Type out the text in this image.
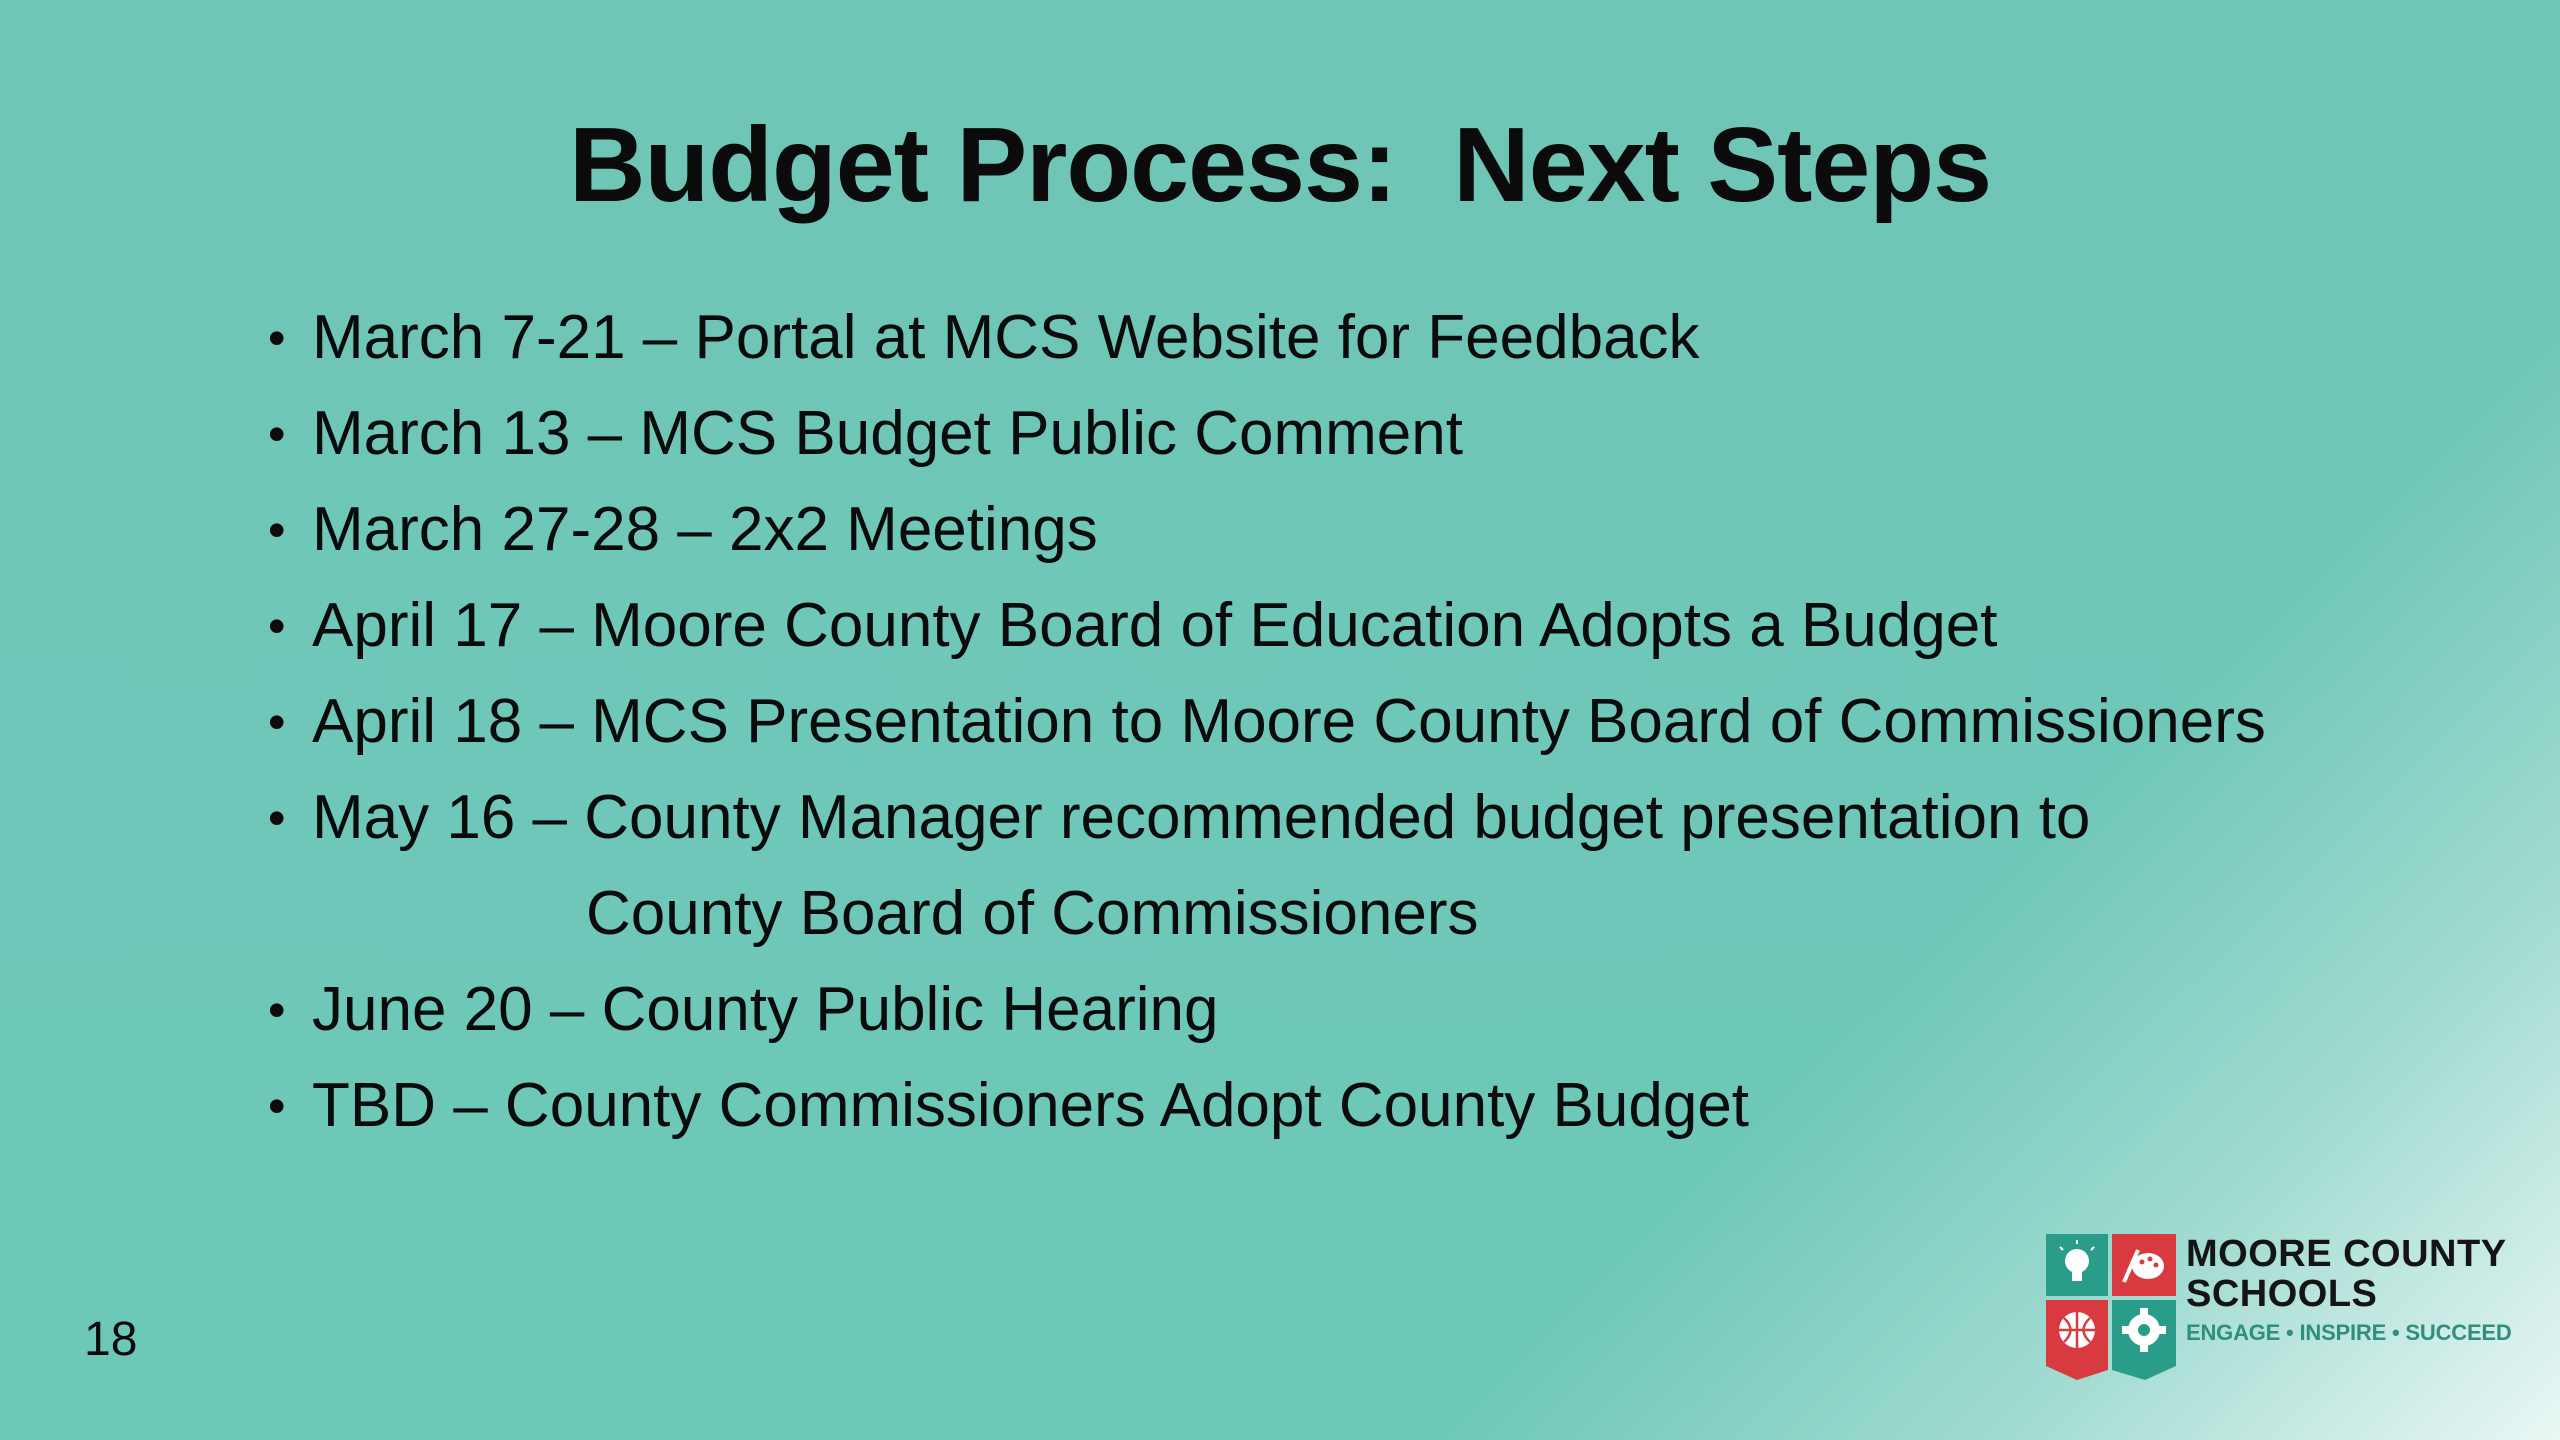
Budget Process:  Next Steps
• March 7-21 – Portal at MCS Website for Feedback
• March 13 – MCS Budget Public Comment
• March 27-28 – 2x2 Meetings
• April 17 – Moore County Board of Education Adopts a Budget
• April 18 – MCS Presentation to Moore County Board of Commissioners
• May 16 – County Manager recommended budget presentation to
County Board of Commissioners
• June 20 – County Public Hearing
• TBD – County Commissioners Adopt County Budget
18
MOORE COUNTY
SCHOOLS
ENGAGE • INSPIRE • SUCCEED
